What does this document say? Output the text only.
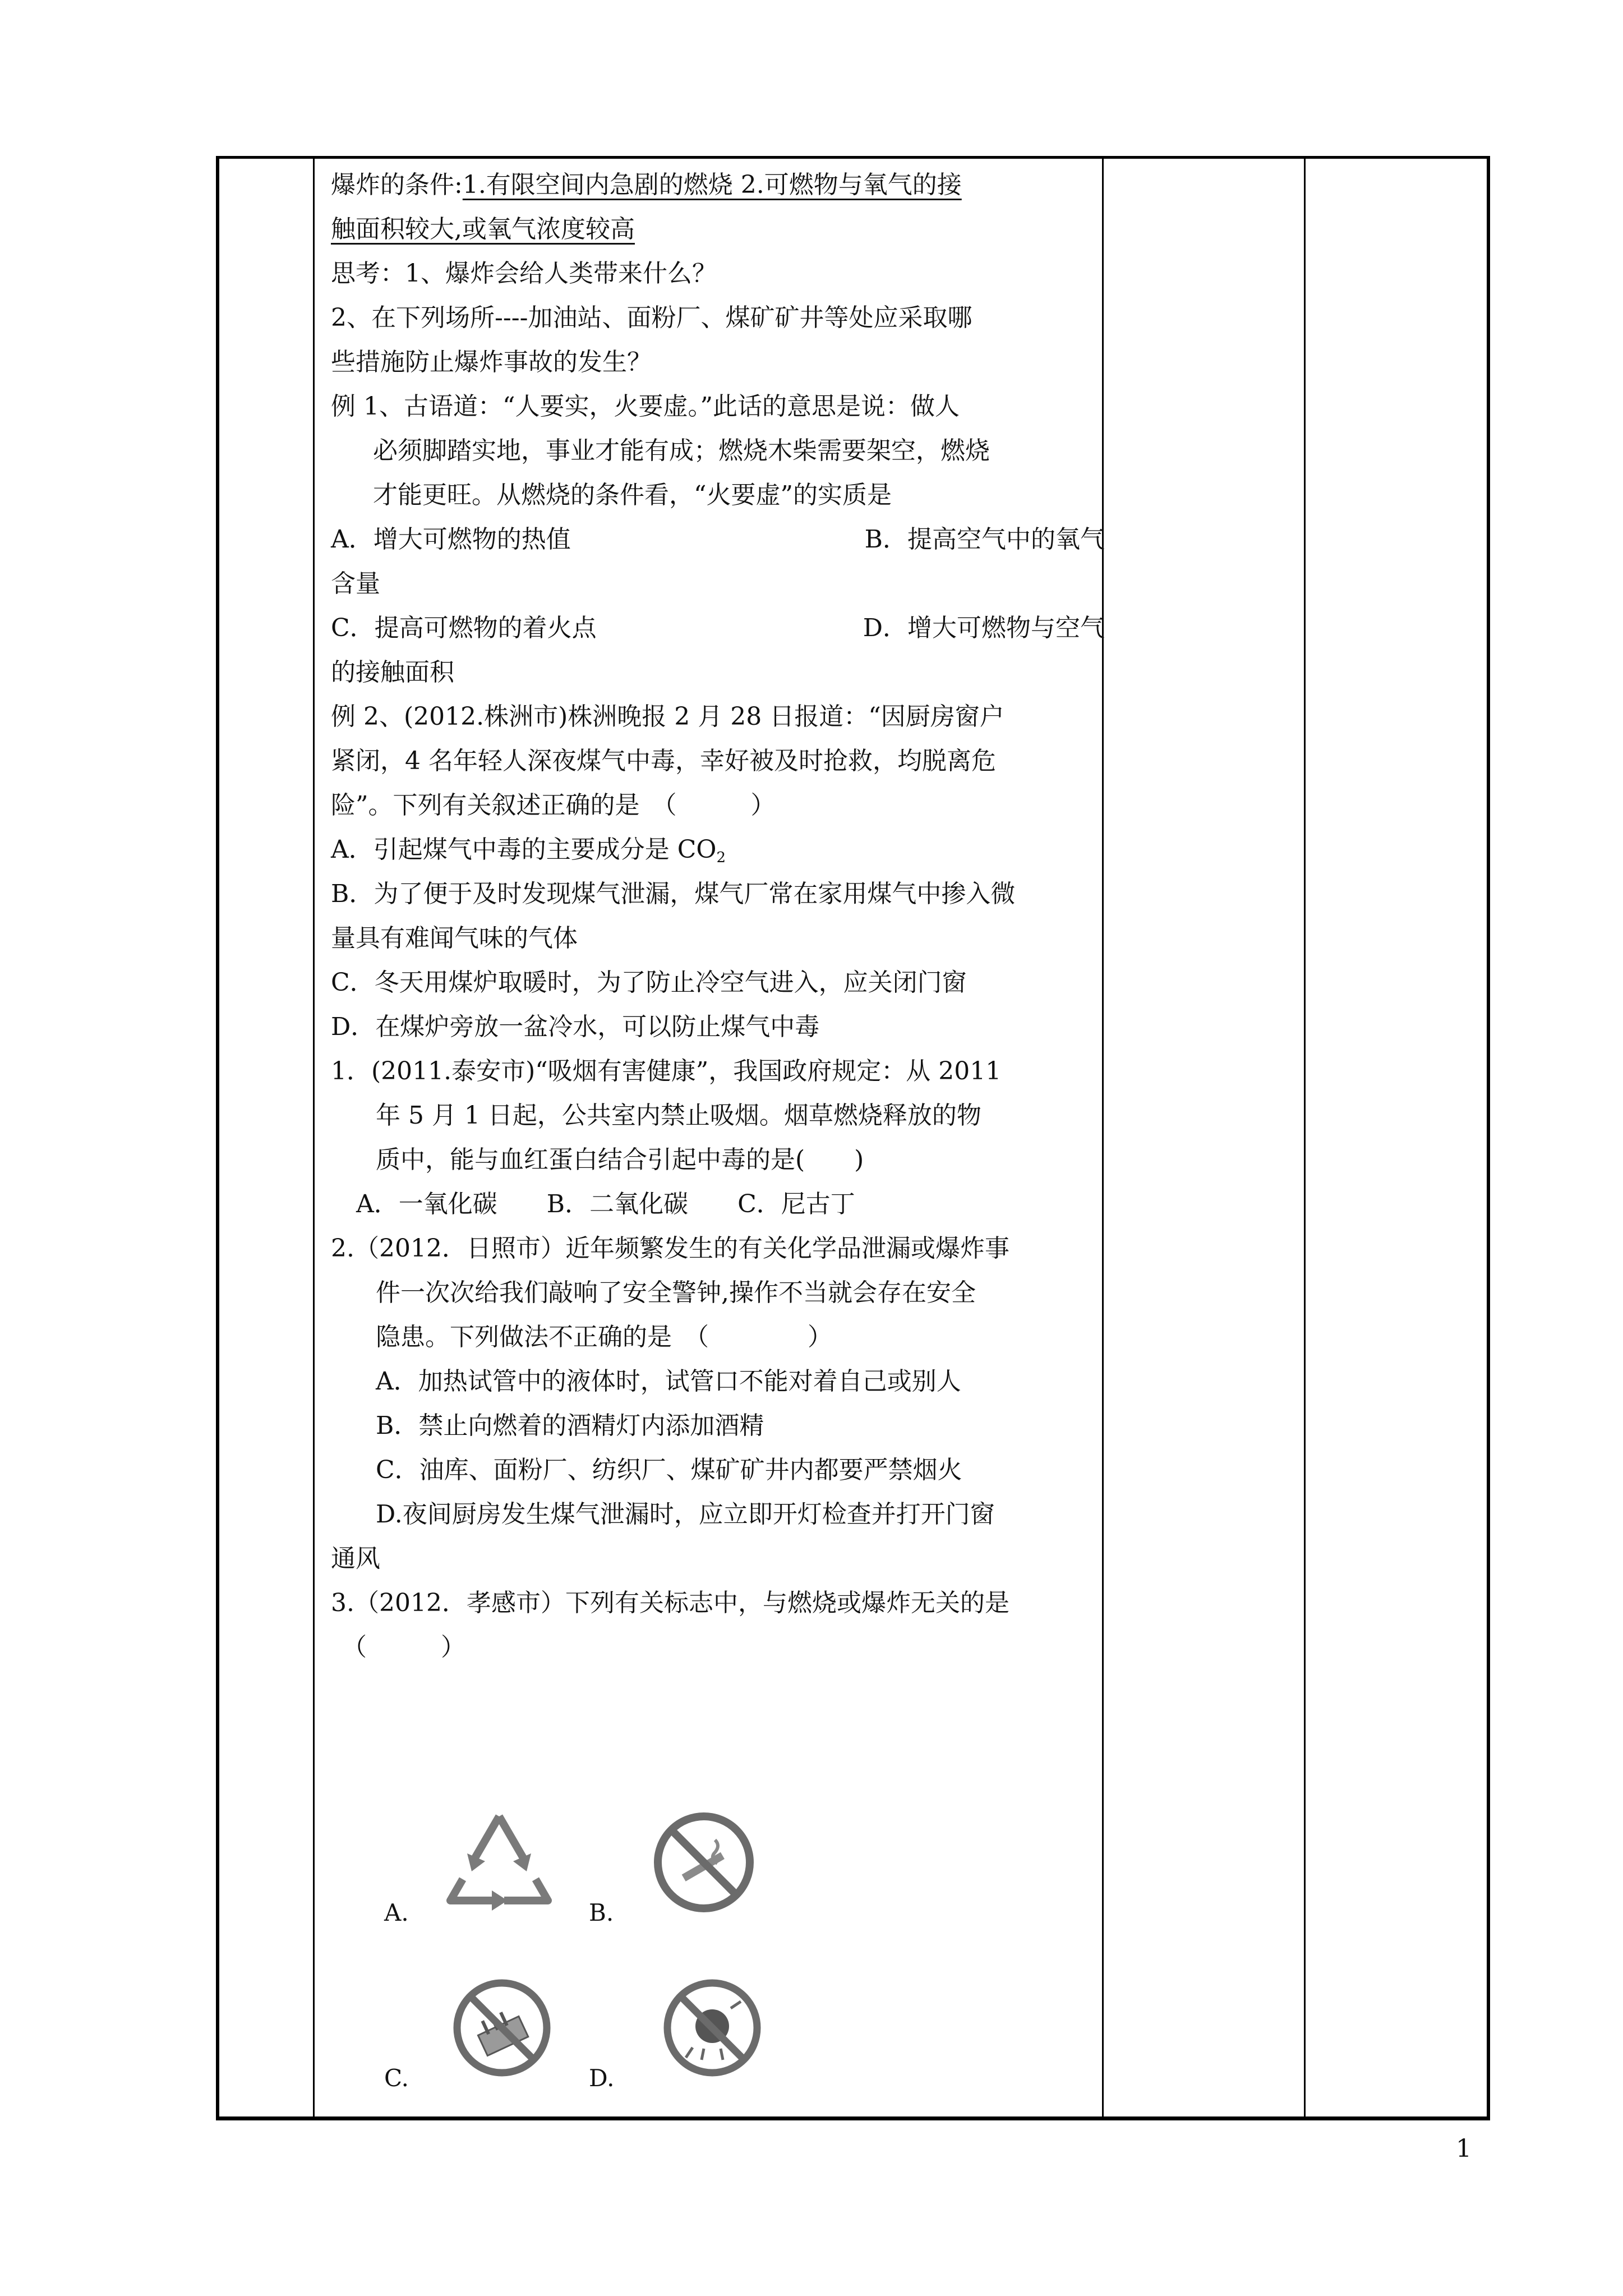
爆炸的条件:1.有限空间内急剧的燃烧 2.可燃物与氧气的接
触面积较大,或氧气浓度较高
思考：1、爆炸会给人类带来什么？
2、在下列场所----加油站、面粉厂、煤矿矿井等处应采取哪
些措施防止爆炸事故的发生？
例 1、古语道：“人要实，火要虚。”此话的意思是说：做人
必须脚踏实地，事业才能有成；燃烧木柴需要架空，燃烧
才能更旺。从燃烧的条件看，“火要虚”的实质是
A．增大可燃物的热值	B．提高空气中的氧气
含量
C．提高可燃物的着火点	D．增大可燃物与空气
的接触面积
例 2、(2012.株洲市)株洲晚报 2 月 28 日报道：“因厨房窗户
紧闭，4 名年轻人深夜煤气中毒，幸好被及时抢救，均脱离危
险”。下列有关叙述正确的是　（　　　）
A．引起煤气中毒的主要成分是 $CO_2$
B．为了便于及时发现煤气泄漏，煤气厂常在家用煤气中掺入微
量具有难闻气味的气体
C．冬天用煤炉取暖时，为了防止冷空气进入，应关闭门窗
D．在煤炉旁放一盆冷水，可以防止煤气中毒
1．(2011.泰安市)“吸烟有害健康”，我国政府规定：从 2011
年 5 月 1 日起，公共室内禁止吸烟。烟草燃烧释放的物
质中，能与血红蛋白结合引起中毒的是(　　)
A．一氧化碳　　B．二氧化碳　　C．尼古丁
2.（2012．日照市）近年频繁发生的有关化学品泄漏或爆炸事
件一次次给我们敲响了安全警钟,操作不当就会存在安全
隐患。下列做法不正确的是　（　　　　）
A．加热试管中的液体时，试管口不能对着自己或别人
B．禁止向燃着的酒精灯内添加酒精
C．油库、面粉厂、纺织厂、煤矿矿井内都要严禁烟火
D.夜间厨房发生煤气泄漏时，应立即开灯检查并打开门窗
通风
3.（2012．孝感市）下列有关标志中，与燃烧或爆炸无关的是
（　　　）
A.	B.
C.	D.
1
